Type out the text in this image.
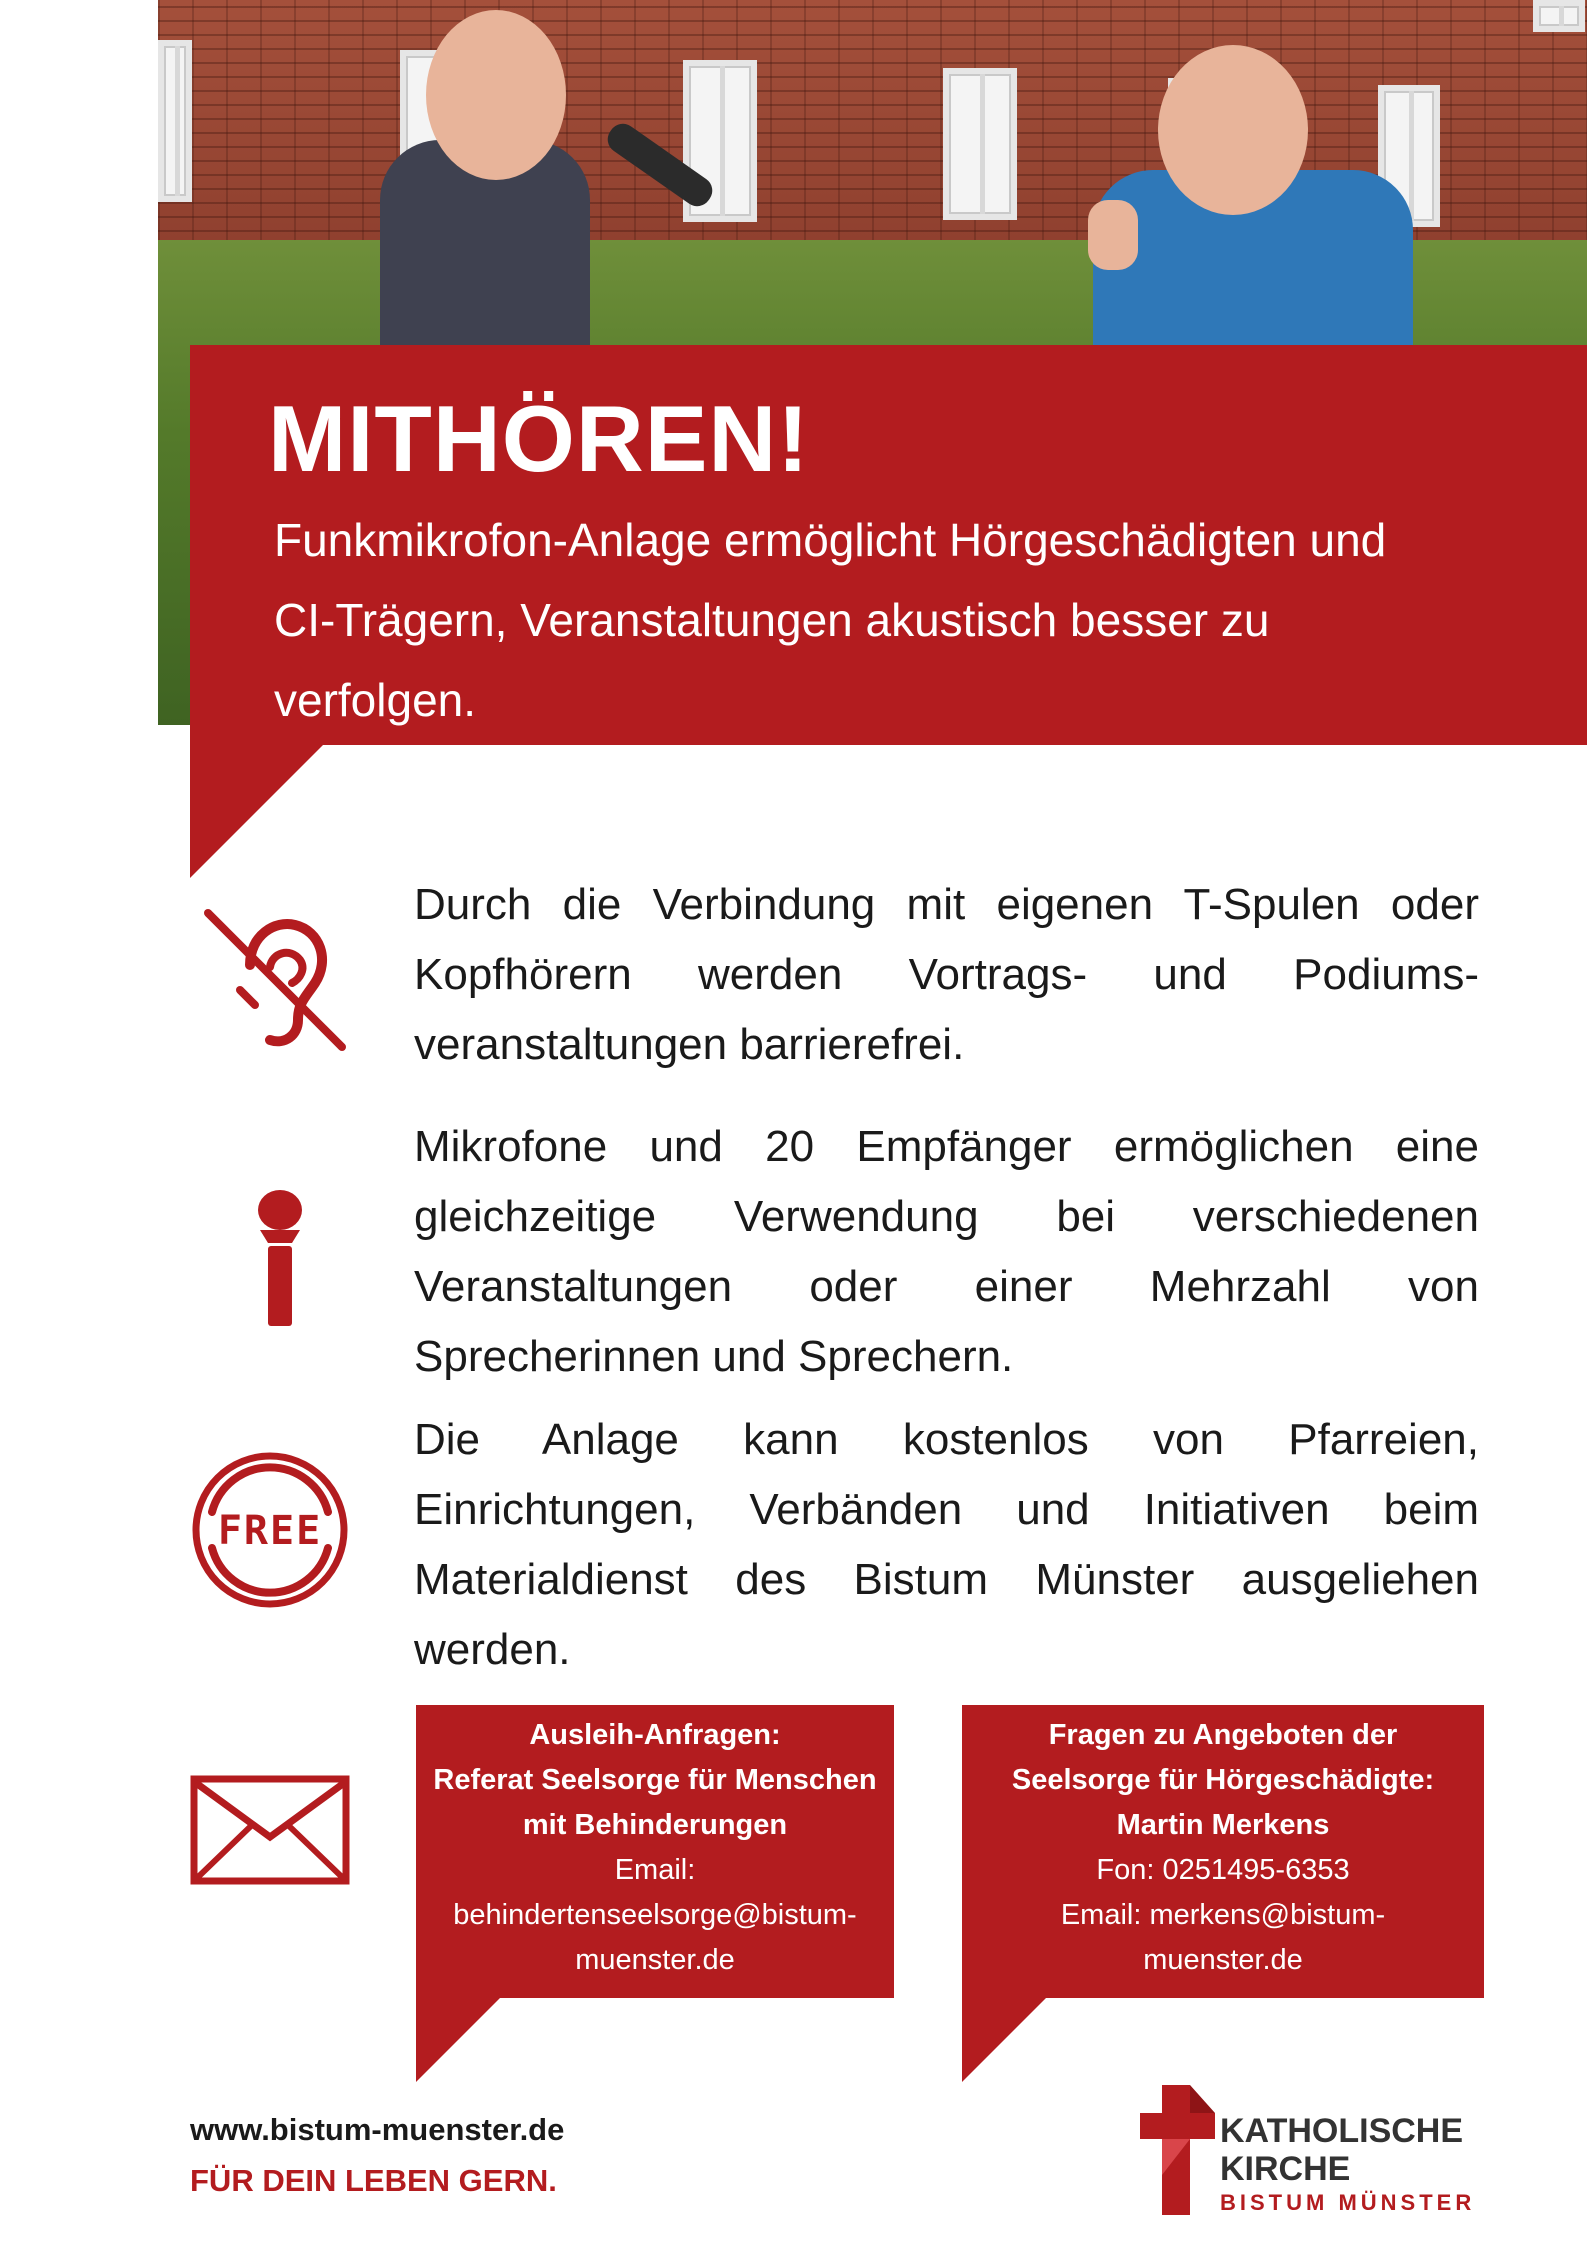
MITHÖREN!

Funkmikrofon-Anlage ermöglicht Hörgeschädigten und CI-Trägern, Veranstaltungen akustisch besser zu verfolgen.

Durch die Verbindung mit eigenen T-Spulen oder Kopfhörern werden Vortrags- und Podiums-veranstaltungen barrierefrei.

Mikrofone und 20 Empfänger ermöglichen eine gleichzeitige Verwendung bei verschiedenen Veranstaltungen oder einer Mehrzahl von Sprecherinnen und Sprechern.

FREE

Die Anlage kann kostenlos von Pfarreien, Einrichtungen, Verbänden und Initiativen beim Materialdienst des Bistum Münster ausgeliehen werden.

Ausleih-Anfragen:
Referat Seelsorge für Menschen
mit Behinderungen
Email:
behindertenseelsorge@bistum-
muenster.de
Fragen zu Angeboten der
Seelsorge für Hörgeschädigte:
Martin Merkens
Fon: 0251495-6353
Email: merkens@bistum-
muenster.de

www.bistum-muenster.de

FÜR DEIN LEBEN GERN.

KATHOLISCHE
KIRCHE
BISTUM MÜNSTER
